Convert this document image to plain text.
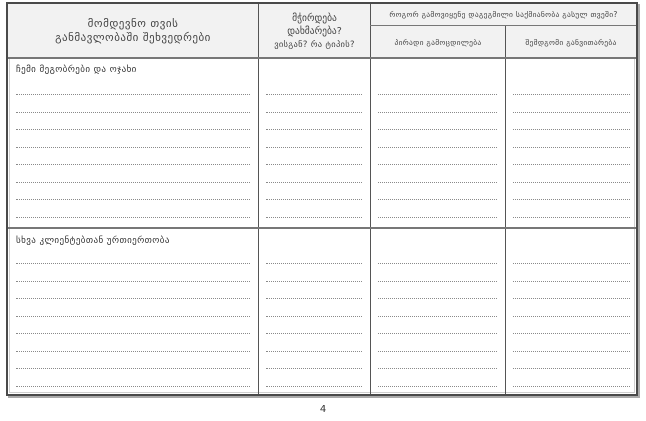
მომდევნო თვის
განმავლობაში შეხვედრები
მჭირდება
დახმარება?
ვისგან? რა ტიპის?
როგორ გამოვიყენე დაგეგმილი საქმიანობა გასულ თვეში?
პირადი გამოცდილება	შემდგომი განვითარება
ჩემი მეგობრები და ოჯახი
სხვა კლიენტებთან ურთიერთობა
4
